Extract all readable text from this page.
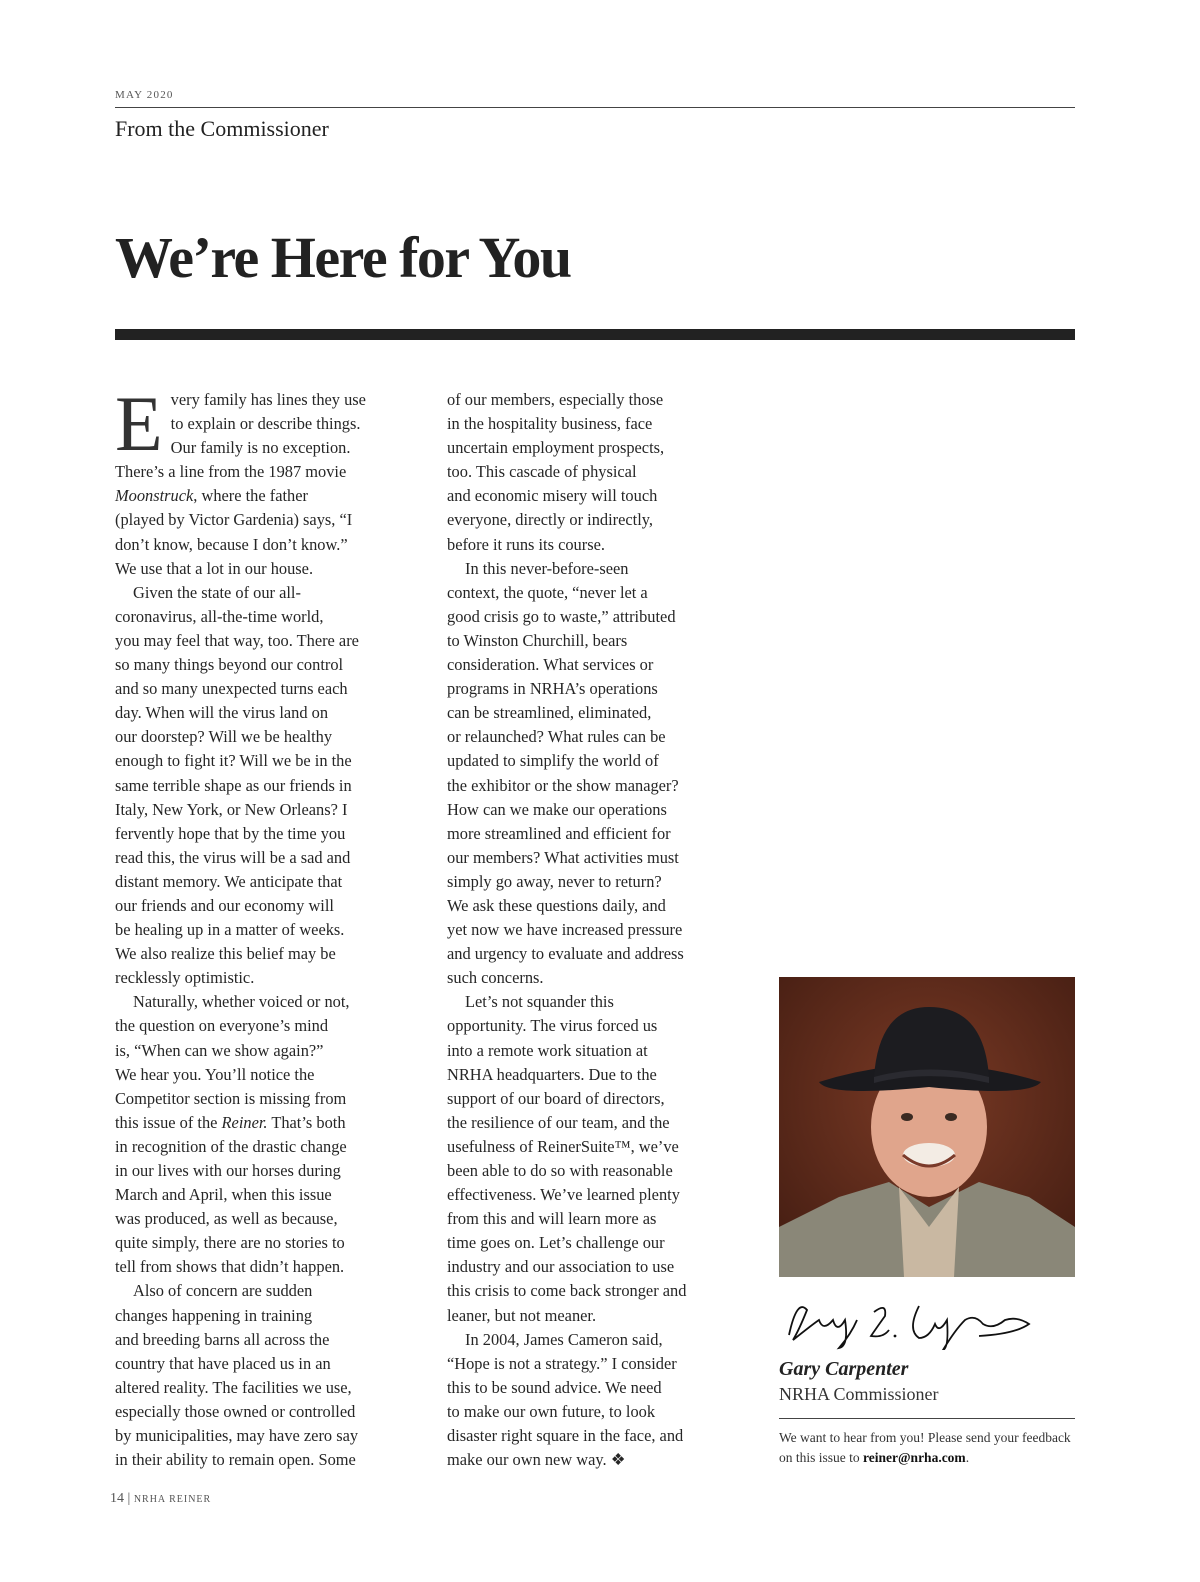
MAY 2020
From the Commissioner
We’re Here for You
E very family has lines they use
to explain or describe things.
Our family is no exception.
There’s a line from the 1987 movie
Moonstruck, where the father
(played by Victor Gardenia) says, “I
don’t know, because I don’t know.”
We use that a lot in our house.
Given the state of our all-
coronavirus, all-the-time world,
you may feel that way, too. There are
so many things beyond our control
and so many unexpected turns each
day. When will the virus land on
our doorstep? Will we be healthy
enough to fight it? Will we be in the
same terrible shape as our friends in
Italy, New York, or New Orleans? I
fervently hope that by the time you
read this, the virus will be a sad and
distant memory. We anticipate that
our friends and our economy will
be healing up in a matter of weeks.
We also realize this belief may be
recklessly optimistic.
Naturally, whether voiced or not,
the question on everyone’s mind
is, “When can we show again?”
We hear you. You’ll notice the
Competitor section is missing from
this issue of the Reiner. That’s both
in recognition of the drastic change
in our lives with our horses during
March and April, when this issue
was produced, as well as because,
quite simply, there are no stories to
tell from shows that didn’t happen.
Also of concern are sudden
changes happening in training
and breeding barns all across the
country that have placed us in an
altered reality. The facilities we use,
especially those owned or controlled
by municipalities, may have zero say
in their ability to remain open. Some
of our members, especially those
in the hospitality business, face
uncertain employment prospects,
too. This cascade of physical
and economic misery will touch
everyone, directly or indirectly,
before it runs its course.
In this never-before-seen
context, the quote, “never let a
good crisis go to waste,” attributed
to Winston Churchill, bears
consideration. What services or
programs in NRHA’s operations
can be streamlined, eliminated,
or relaunched? What rules can be
updated to simplify the world of
the exhibitor or the show manager?
How can we make our operations
more streamlined and efficient for
our members? What activities must
simply go away, never to return?
We ask these questions daily, and
yet now we have increased pressure
and urgency to evaluate and address
such concerns.
Let’s not squander this
opportunity. The virus forced us
into a remote work situation at
NRHA headquarters. Due to the
support of our board of directors,
the resilience of our team, and the
usefulness of ReinerSuite™, we’ve
been able to do so with reasonable
effectiveness. We’ve learned plenty
from this and will learn more as
time goes on. Let’s challenge our
industry and our association to use
this crisis to come back stronger and
leaner, but not meaner.
In 2004, James Cameron said,
“Hope is not a strategy.” I consider
this to be sound advice. We need
to make our own future, to look
disaster right square in the face, and
make our own new way. ❖
Gary Carpenter
NRHA Commissioner
We want to hear from you! Please send your feedback on this issue to reiner@nrha.com.
14 | NRHA REINER
